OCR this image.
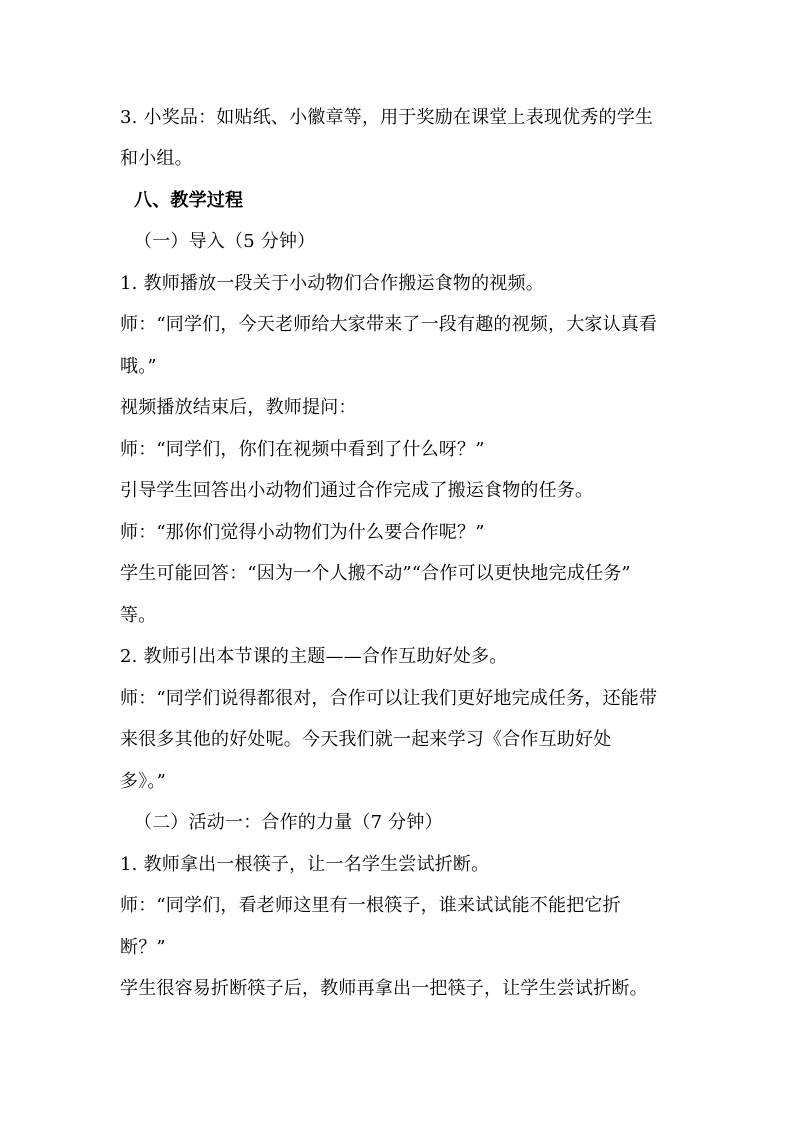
3. 小奖品：如贴纸、小徽章等，用于奖励在课堂上表现优秀的学生
和小组。
八、教学过程
（一）导入（5 分钟）
1. 教师播放一段关于小动物们合作搬运食物的视频。
师：“同学们，今天老师给大家带来了一段有趣的视频，大家认真看
哦。”
视频播放结束后，教师提问：
师：“同学们，你们在视频中看到了什么呀？”
引导学生回答出小动物们通过合作完成了搬运食物的任务。
师：“那你们觉得小动物们为什么要合作呢？”
学生可能回答：“因为一个人搬不动”“合作可以更快地完成任务”
等。
2. 教师引出本节课的主题——合作互助好处多。
师：“同学们说得都很对，合作可以让我们更好地完成任务，还能带
来很多其他的好处呢。今天我们就一起来学习《合作互助好处
多》。”
（二）活动一：合作的力量（7 分钟）
1. 教师拿出一根筷子，让一名学生尝试折断。
师：“同学们，看老师这里有一根筷子，谁来试试能不能把它折
断？”
学生很容易折断筷子后，教师再拿出一把筷子，让学生尝试折断。
